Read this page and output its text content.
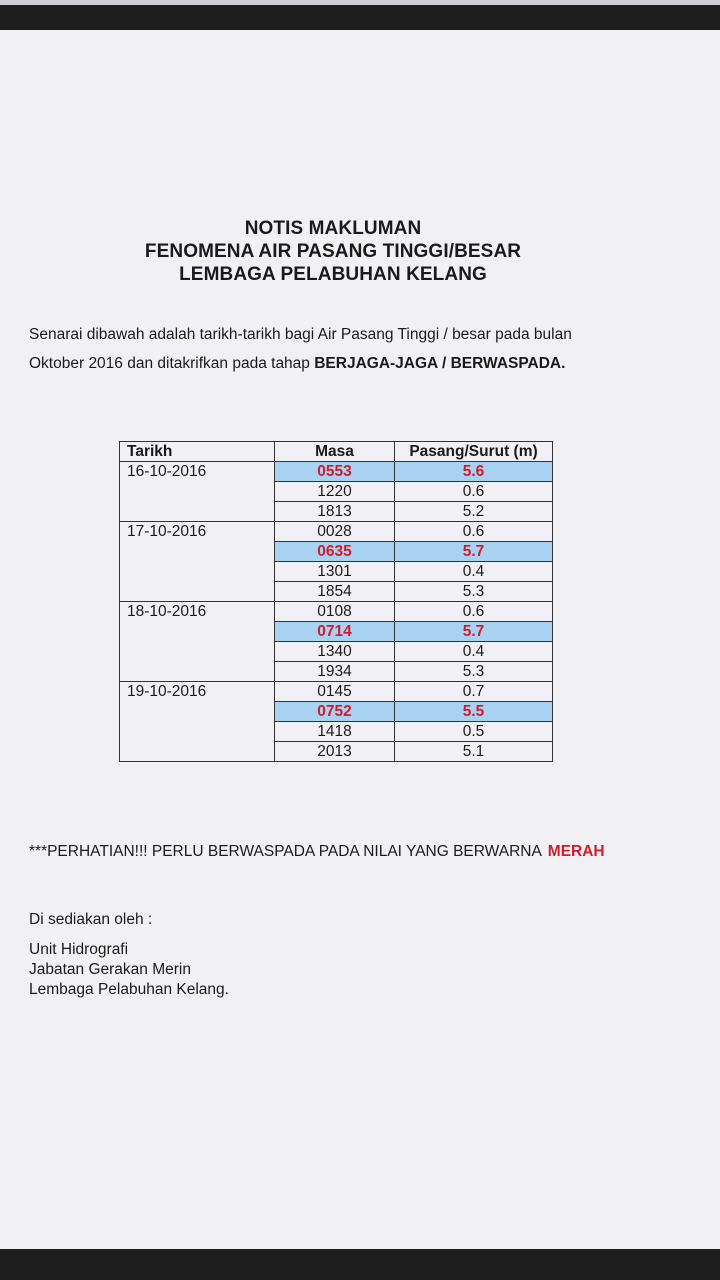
NOTIS MAKLUMAN
FENOMENA AIR PASANG TINGGI/BESAR
LEMBAGA PELABUHAN KELANG
Senarai dibawah adalah tarikh-tarikh bagi Air Pasang Tinggi / besar pada bulan
Oktober 2016 dan ditakrifkan pada tahap BERJAGA-JAGA / BERWASPADA.
Tarikh	Masa	Pasang/Surut (m)
16-10-2016	0553	5.6
	1220	0.6
	1813	5.2
17-10-2016	0028	0.6
	0635	5.7
	1301	0.4
	1854	5.3
18-10-2016	0108	0.6
	0714	5.7
	1340	0.4
	1934	5.3
19-10-2016	0145	0.7
	0752	5.5
	1418	0.5
	2013	5.1
***PERHATIAN!!! PERLU BERWASPADA PADA NILAI YANG BERWARNA MERAH
Di sediakan oleh :
Unit Hidrografi
Jabatan Gerakan Merin
Lembaga Pelabuhan Kelang.
